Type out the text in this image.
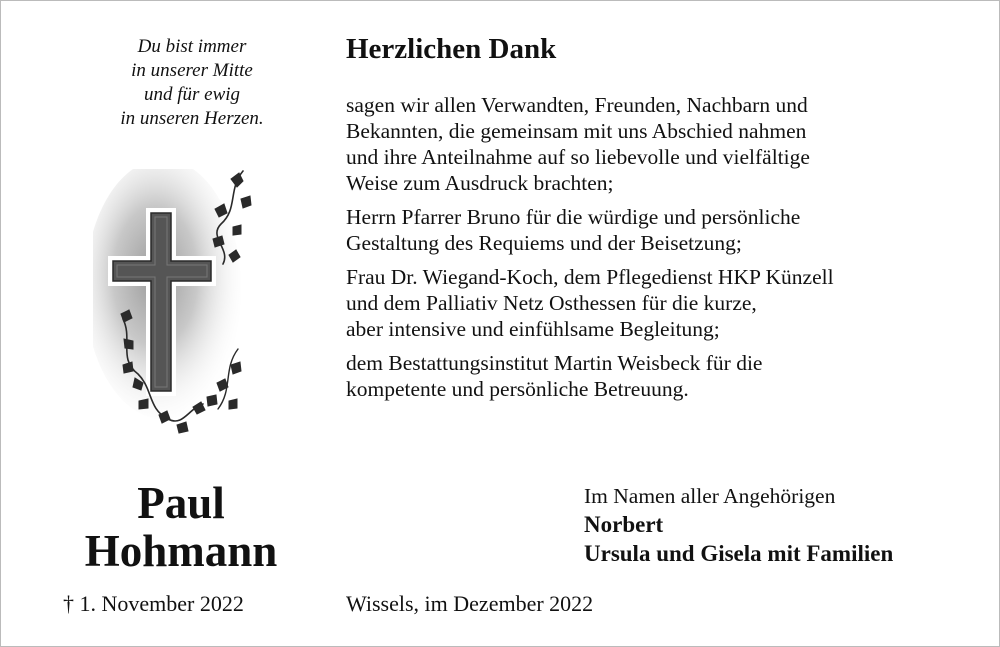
Du bist immer
in unserer Mitte
und für ewig
in unseren Herzen.
Paul
Hohmann
† 1. November 2022
Herzlichen Dank
sagen wir allen Verwandten, Freunden, Nachbarn und
Bekannten, die gemeinsam mit uns Abschied nahmen
und ihre Anteilnahme auf so liebevolle und vielfältige
Weise zum Ausdruck brachten;
Herrn Pfarrer Bruno für die würdige und persönliche
Gestaltung des Requiems und der Beisetzung;
Frau Dr. Wiegand-Koch, dem Pflegedienst HKP Künzell
und dem Palliativ Netz Osthessen für die kurze,
aber intensive und einfühlsame Begleitung;
dem Bestattungsinstitut Martin Weisbeck für die
kompetente und persönliche Betreuung.
Im Namen aller Angehörigen
Norbert
Ursula und Gisela mit Familien
Wissels, im Dezember 2022
